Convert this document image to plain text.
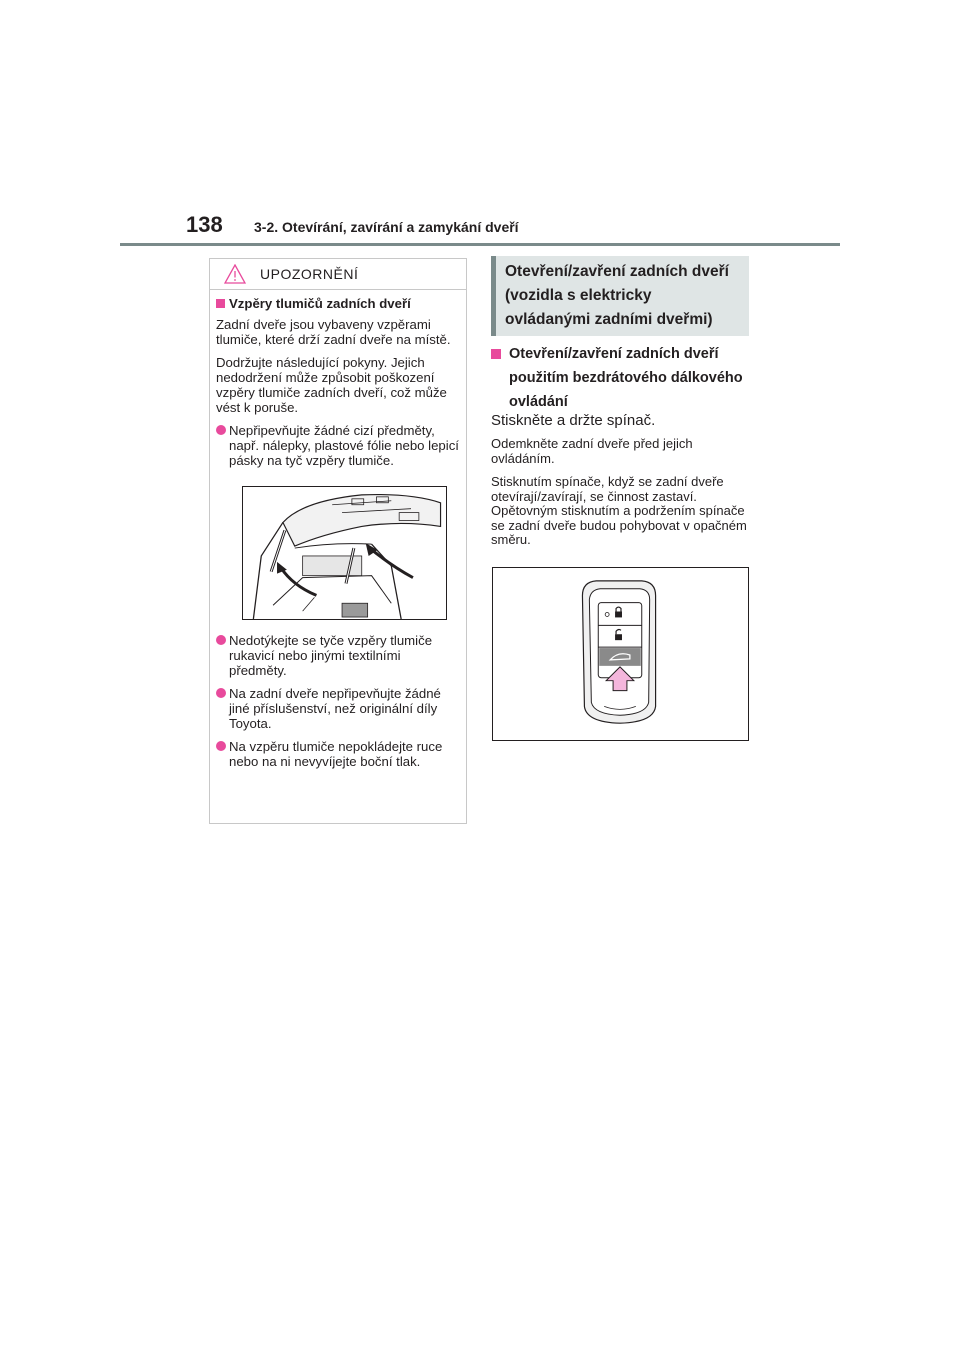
138 3-2. Otevírání, zavírání a zamykání dveří
UPOZORNĚNÍ
Vzpěry tlumičů zadních dveří

Zadní dveře jsou vybaveny vzpěrami tlumiče, které drží zadní dveře na místě.

Dodržujte následující pokyny. Jejich nedodržení může způsobit poškození vzpěry tlumiče zadních dveří, což může vést k poruše.

Nepřipevňujte žádné cizí předměty, např. nálepky, plastové fólie nebo lepicí pásky na tyč vzpěry tlumiče.
Nedotýkejte se tyče vzpěry tlumiče rukavicí nebo jinými textilními předměty.
Na zadní dveře nepřipevňujte žádné jiné příslušenství, než originální díly Toyota.
Na vzpěru tlumiče nepokládejte ruce nebo na ni nevyvíjejte boční tlak.
Otevření/zavření zadních dveří (vozidla s elektricky ovládanými zadními dveřmi)
Otevření/zavření zadních dveří použitím bezdrátového dálkového ovládání
Stiskněte a držte spínač.
Odemkněte zadní dveře před jejich ovládáním.
Stisknutím spínače, když se zadní dveře otevírají/zavírají, se činnost zastaví. Opětovným stisknutím a podržením spínače se zadní dveře budou pohybovat v opačném směru.
